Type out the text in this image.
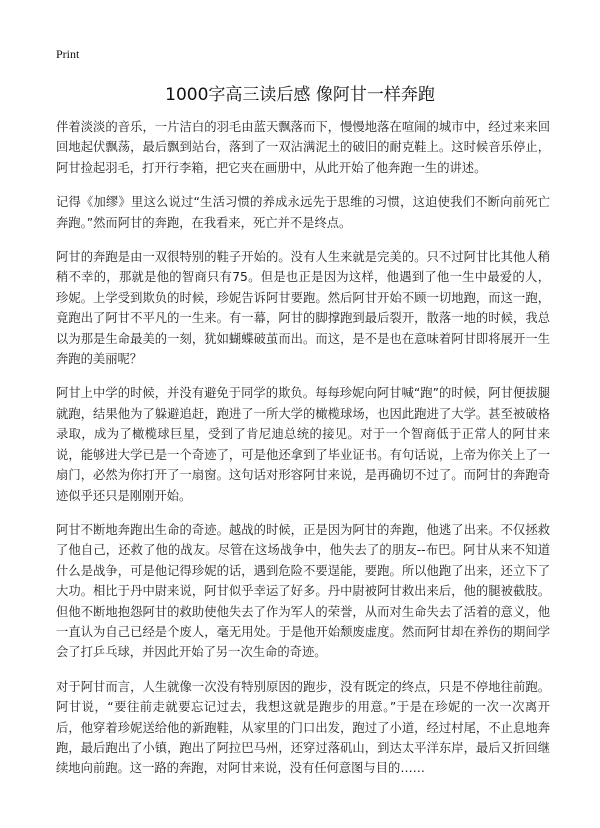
Print
1000字高三读后感 像阿甘一样奔跑

伴着淡淡的音乐，一片洁白的羽毛由蓝天飘落而下，慢慢地落在喧闹的城市中，经过来来回回地起伏飘荡，最后飘到站台，落到了一双沾满泥土的破旧的耐克鞋上。这时候音乐停止，阿甘捡起羽毛，打开行李箱，把它夹在画册中，从此开始了他奔跑一生的讲述。

记得《加缪》里这么说过“生活习惯的养成永远先于思维的习惯，这迫使我们不断向前死亡奔跑。”然而阿甘的奔跑，在我看来，死亡并不是终点。

阿甘的奔跑是由一双很特别的鞋子开始的。没有人生来就是完美的。只不过阿甘比其他人稍稍不幸的，那就是他的智商只有75。但是也正是因为这样，他遇到了他一生中最爱的人，珍妮。上学受到欺负的时候，珍妮告诉阿甘要跑。然后阿甘开始不顾一切地跑，而这一跑，竟跑出了阿甘不平凡的一生来。有一幕，阿甘的脚撑跑到最后裂开，散落一地的时候，我总以为那是生命最美的一刻，犹如蝴蝶破茧而出。而这，是不是也在意味着阿甘即将展开一生奔跑的美丽呢？

阿甘上中学的时候，并没有避免于同学的欺负。每每珍妮向阿甘喊“跑”的时候，阿甘便拔腿就跑，结果他为了躲避追赶，跑进了一所大学的橄榄球场，也因此跑进了大学。甚至被破格录取，成为了橄榄球巨星，受到了肯尼迪总统的接见。对于一个智商低于正常人的阿甘来说，能够进大学已是一个奇迹了，可是他还拿到了毕业证书。有句话说，上帝为你关上了一扇门，必然为你打开了一扇窗。这句话对形容阿甘来说，是再确切不过了。而阿甘的奔跑奇迹似乎还只是刚刚开始。

阿甘不断地奔跑出生命的奇迹。越战的时候，正是因为阿甘的奔跑，他逃了出来。不仅拯救了他自己，还救了他的战友。尽管在这场战争中，他失去了的朋友--布巴。阿甘从来不知道什么是战争，可是他记得珍妮的话，遇到危险不要逞能，要跑。所以他跑了出来，还立下了大功。相比于丹中尉来说，阿甘似乎幸运了好多。丹中尉被阿甘救出来后，他的腿被截肢。但他不断地抱怨阿甘的救助使他失去了作为军人的荣誉，从而对生命失去了活着的意义，他一直认为自己已经是个废人，毫无用处。于是他开始颓废虚度。然而阿甘却在养伤的期间学会了打乒乓球，并因此开始了另一次生命的奇迹。

对于阿甘而言，人生就像一次没有特别原因的跑步，没有既定的终点，只是不停地往前跑。阿甘说，“要往前走就要忘记过去，我想这就是跑步的用意。”于是在珍妮的一次一次离开后，他穿着珍妮送给他的新跑鞋，从家里的门口出发，跑过了小道，经过村尾，不止息地奔跑，最后跑出了小镇，跑出了阿拉巴马州，还穿过落矶山，到达太平洋东岸，最后又折回继续地向前跑。这一路的奔跑，对阿甘来说，没有任何意图与目的……
